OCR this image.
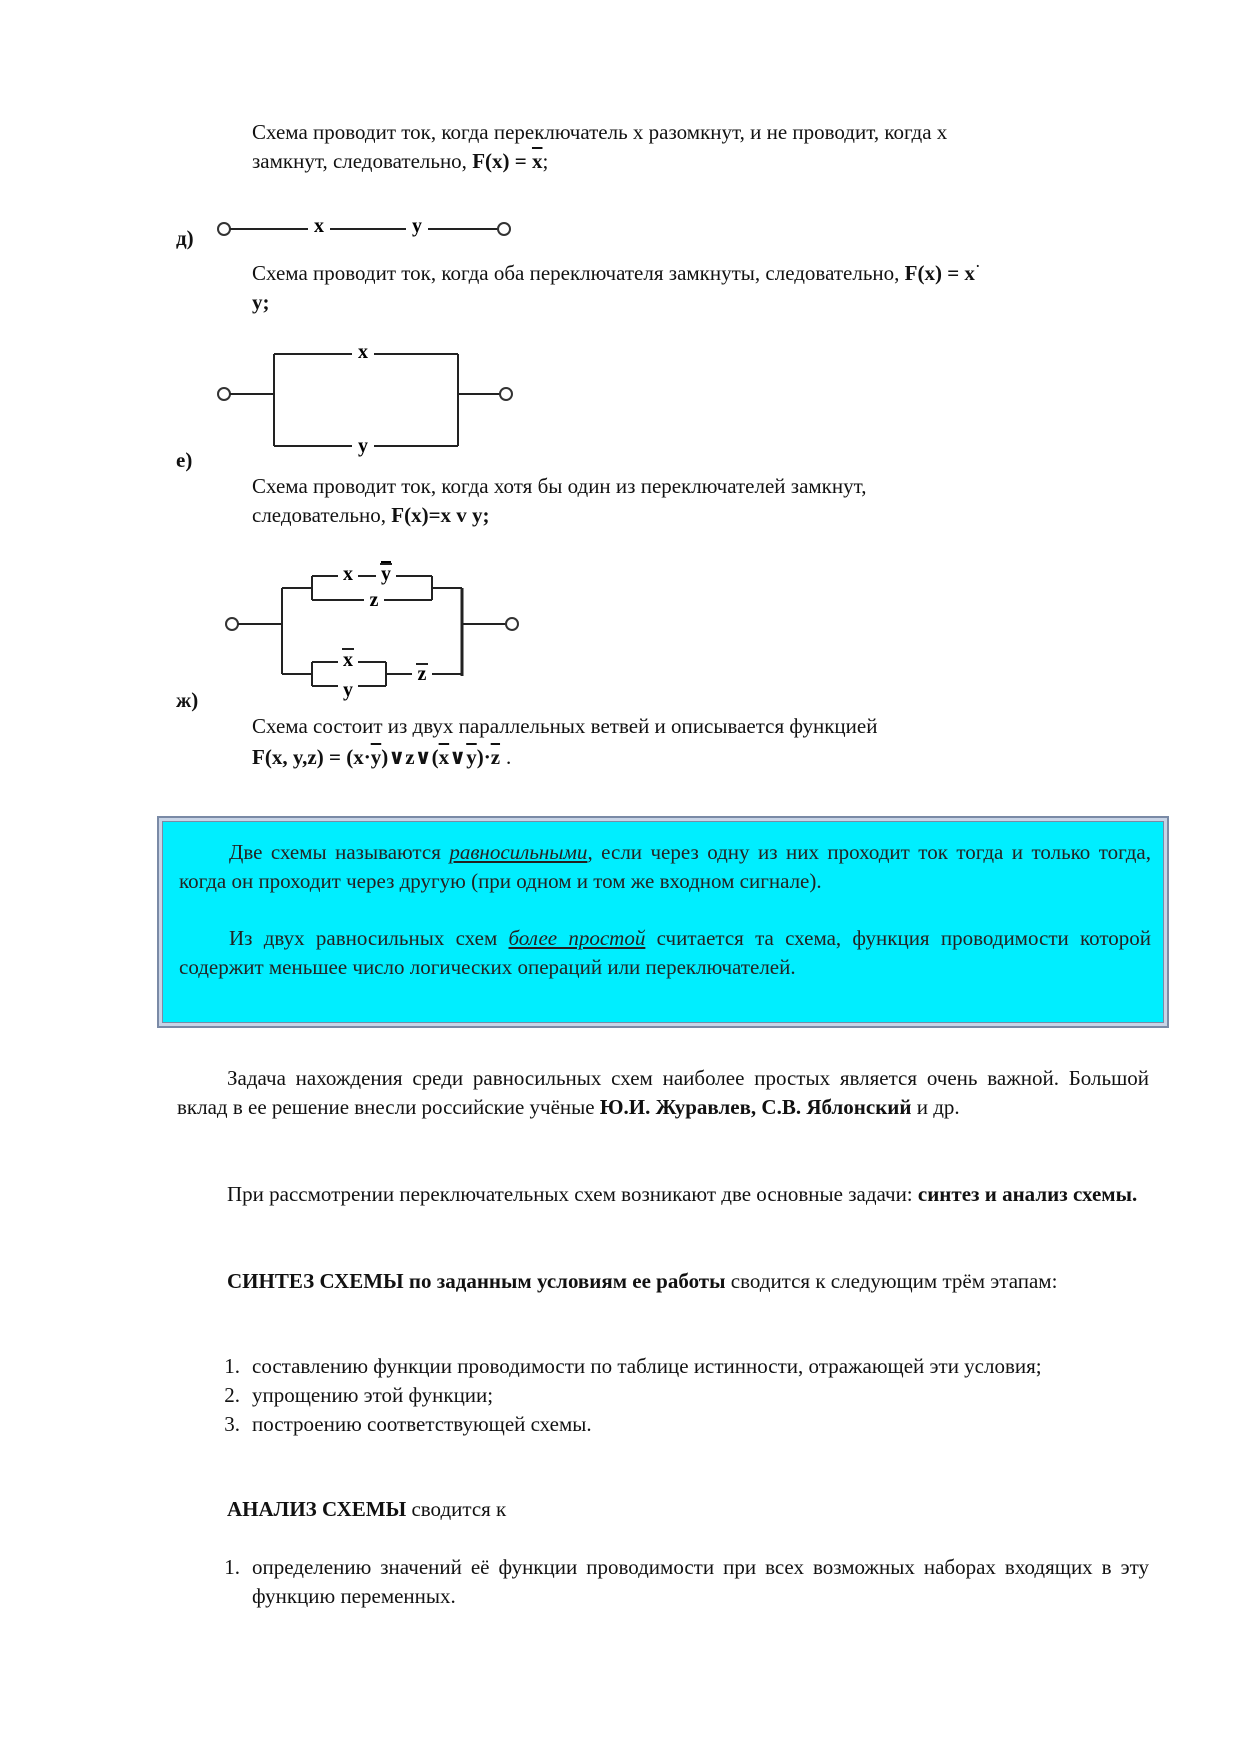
Схема проводит ток, когда переключатель х разомкнут, и не проводит, когда х
замкнут, следовательно, $F(x) = \overline{x}$;
д)	x	y
Схема проводит ток, когда оба переключателя замкнуты, следовательно, F(x) = x·
y;
x
y
е)
Схема проводит ток, когда хотя бы один из переключателей замкнут,
следовательно, F(x)=x v y;
x y
z
x
y
z
ж)
Схема состоит из двух параллельных ветвей и описывается функцией
F(x, $y,z) = (x\cdot\overline{y})\vee z\vee(\overline{x}\vee\overline{y})\cdot\overline{z}$ .

Две схемы называются равносильными, если через одну из них проходит ток тогда и только тогда, когда он проходит через другую (при одном и том же входном сигнале).

Из двух равносильных схем более простой считается та схема, функция проводимости которой содержит меньшее число логических операций или переключателей.

Задача нахождения среди равносильных схем наиболее простых является очень важной. Большой вклад в ее решение внесли российские учёные Ю.И. Журавлев, С.В. Яблонский и др.
При рассмотрении переключательных схем возникают две основные задачи: синтез и анализ схемы.
СИНТЕЗ СХЕМЫ по заданным условиям ее работы сводится к следующим трём этапам:
1. составлению функции проводимости по таблице истинности, отражающей эти условия;
2. упрощению этой функции;
3. построению соответствующей схемы.
АНАЛИЗ СХЕМЫ сводится к
1. определению значений её функции проводимости при всех возможных наборах входящих в эту функцию переменных.
